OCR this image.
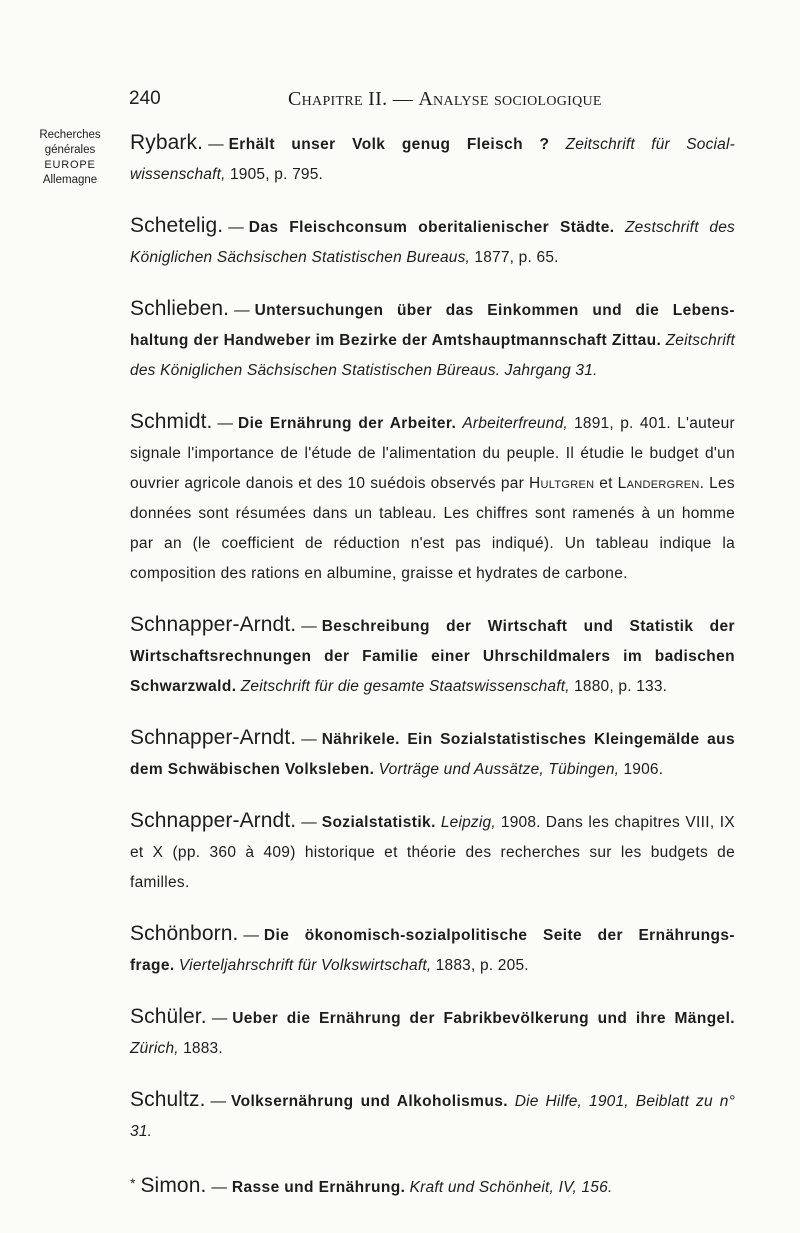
240	Chapitre II. — Analyse sociologique
Recherches
générales
EUROPE
Allemagne

Rybark. — Erhält unser Volk genug Fleisch ? Zeitschrift für Social-wissenschaft, 1905, p. 795.

Schetelig. — Das Fleischconsum oberitalienischer Städte. Zestschrift des Königlichen Sächsischen Statistischen Bureaus, 1877, p. 65.

Schlieben. — Untersuchungen über das Einkommen und die Lebens-haltung der Handweber im Bezirke der Amtshauptmannschaft Zittau. Zeitschrift des Königlichen Sächsischen Statistischen Büreaus. Jahrgang 31.

Schmidt. — Die Ernährung der Arbeiter. Arbeiterfreund, 1891, p. 401. L'auteur signale l'importance de l'étude de l'alimentation du peuple. Il étudie le budget d'un ouvrier agricole danois et des 10 suédois observés par Hultgren et Landergren. Les données sont résumées dans un tableau. Les chiffres sont ramenés à un homme par an (le coefficient de réduction n'est pas indiqué). Un tableau indique la composition des rations en albumine, graisse et hydrates de carbone.

Schnapper-Arndt. — Beschreibung der Wirtschaft und Statistik der Wirtschaftsrechnungen der Familie einer Uhrschildmalers im badischen Schwarzwald. Zeitschrift für die gesamte Staatswissenschaft, 1880, p. 133.

Schnapper-Arndt. — Nährikele. Ein Sozialstatistisches Kleingemälde aus dem Schwäbischen Volksleben. Vorträge und Aussätze, Tübingen, 1906.

Schnapper-Arndt. — Sozialstatistik. Leipzig, 1908. Dans les chapitres VIII, IX et X (pp. 360 à 409) historique et théorie des recherches sur les budgets de familles.

Schönborn. — Die ökonomisch-sozialpolitische Seite der Ernährungs-frage. Vierteljahrschrift für Volkswirtschaft, 1883, p. 205.

Schüler. — Ueber die Ernährung der Fabrikbevölkerung und ihre Mängel. Zürich, 1883.

Schultz. — Volksernährung und Alkoholismus. Die Hilfe, 1901, Beiblatt zu n° 31.

* Simon. — Rasse und Ernährung. Kraft und Schönheit, IV, 156.
